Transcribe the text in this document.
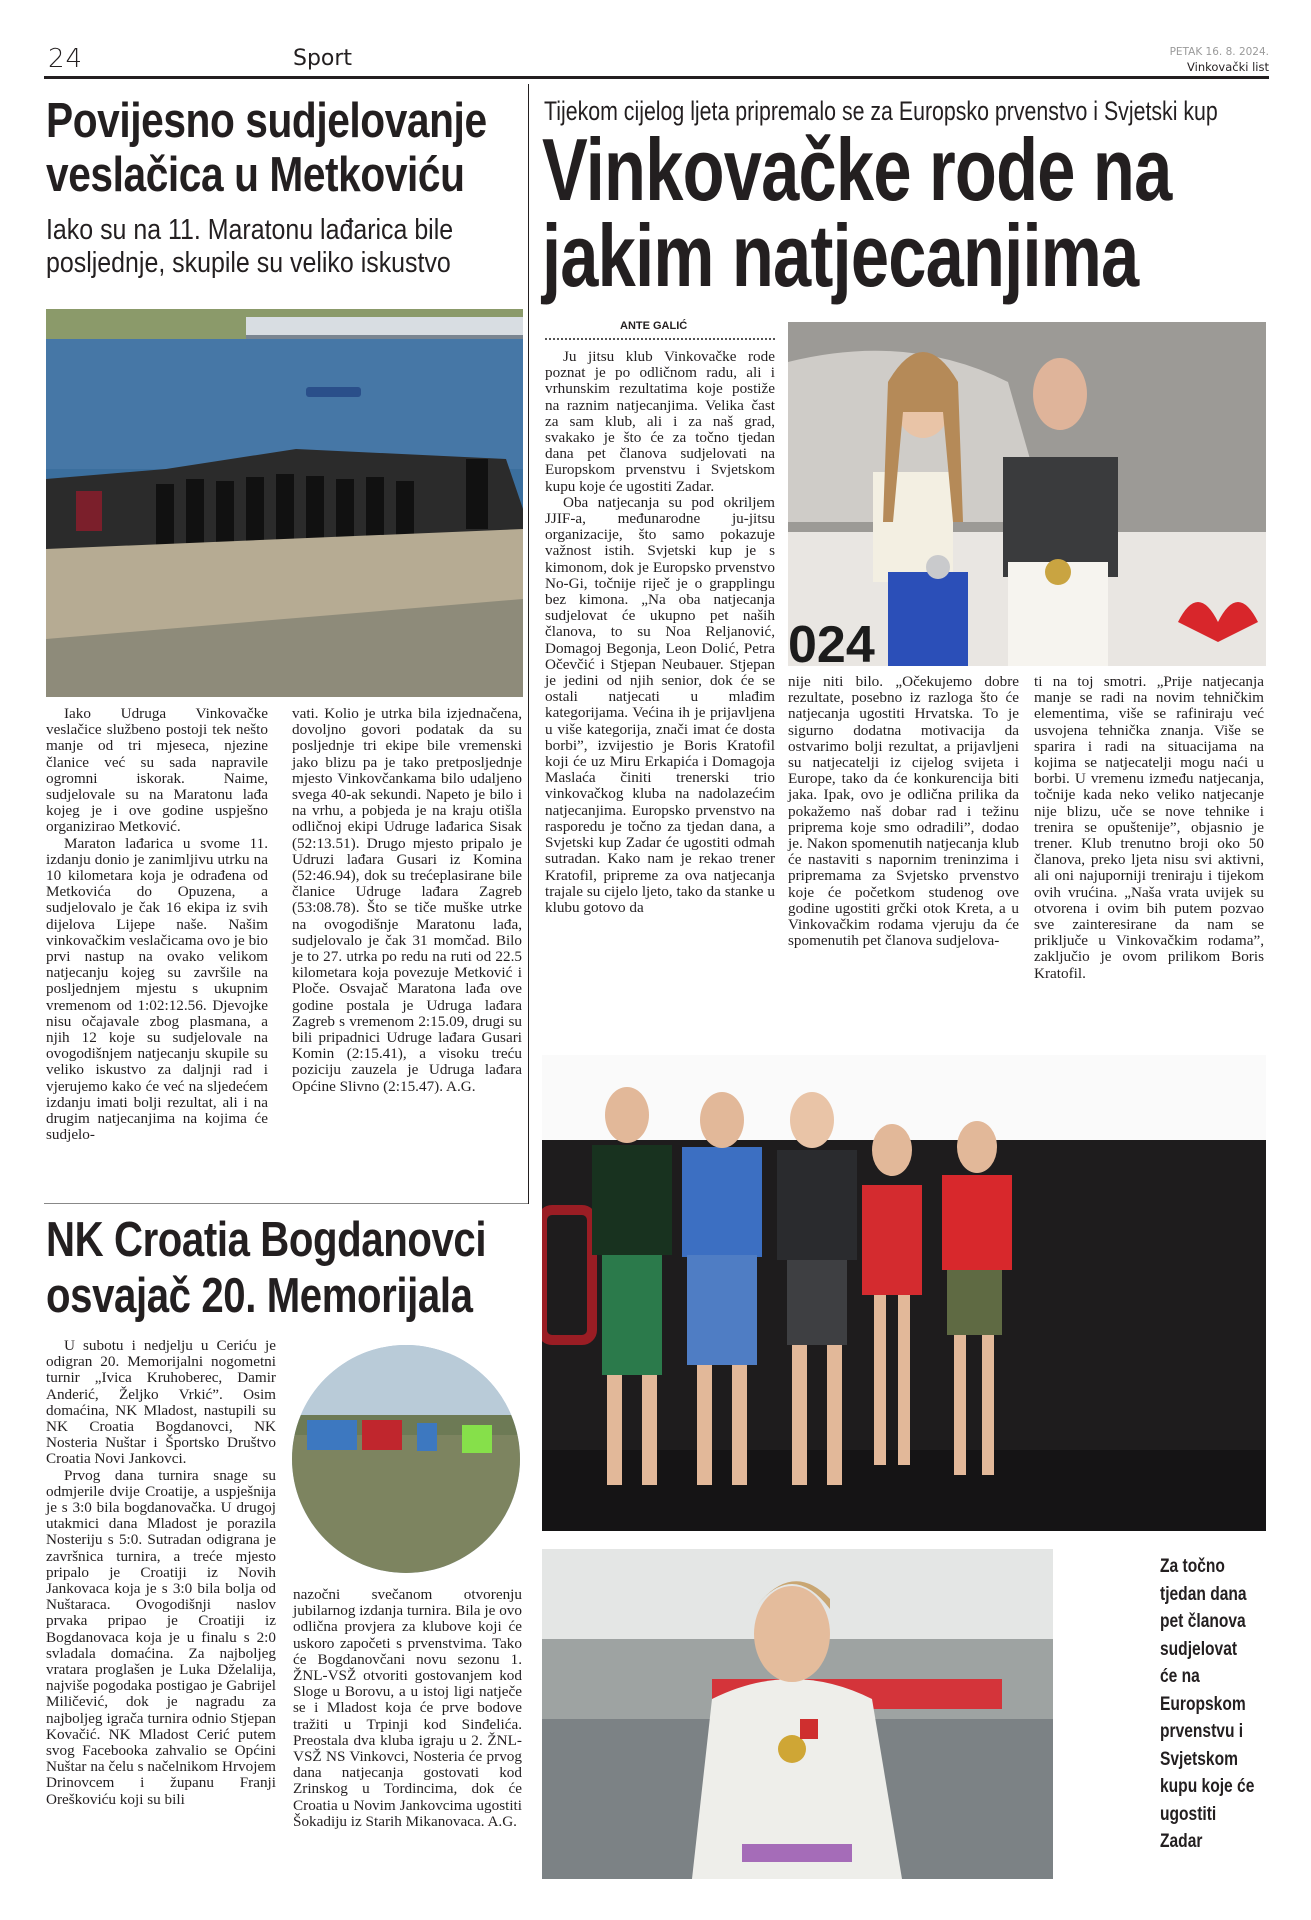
24	Sport	PETAK 16. 8. 2024.
Vinkovački list
Povijesno sudjelovanje
veslačica u Metkoviću
Iako su na 11. Maratonu lađarica bile
posljednje, skupile su veliko iskustvo

Iako Udruga Vinkovačke veslačice službeno postoji tek nešto manje od tri mjeseca, njezine članice već su sada napravile ogromni iskorak. Naime, sudjelovale su na Maratonu lađa kojeg je i ove godine uspješno organizirao Metković.

Maraton lađarica u svome 11. izdanju donio je zanimljivu utrku na 10 kilometara koja je odrađena od Metkovića do Opuzena, a sudjelovalo je čak 16 ekipa iz svih dijelova Lijepe naše. Našim vinkovačkim veslačicama ovo je bio prvi nastup na ovako velikom natjecanju kojeg su završile na posljednjem mjestu s ukupnim vremenom od 1:02:12.56. Djevojke nisu očajavale zbog plasmana, a njih 12 koje su sudjelovale na ovogodišnjem natjecanju skupile su veliko iskustvo za daljnji rad i vjerujemo kako će već na sljedećem izdanju imati bolji rezultat, ali i na drugim natjecanjima na kojima će sudjelo-

vati. Kolio je utrka bila izjednačena, dovoljno govori podatak da su posljednje tri ekipe bile vremenski jako blizu pa je tako pretposljednje mjesto Vinkovčankama bilo udaljeno svega 40-ak sekundi. Napeto je bilo i na vrhu, a pobjeda je na kraju otišla odličnoj ekipi Udruge lađarica Sisak (52:13.51). Drugo mjesto pripalo je Udruzi lađara Gusari iz Komina (52:46.94), dok su trećeplasirane bile članice Udruge lađara Zagreb (53:08.78). Što se tiče muške utrke na ovogodišnje Maratonu lađa, sudjelovalo je čak 31 momčad. Bilo je to 27. utrka po redu na ruti od 22.5 kilometara koja povezuje Metković i Ploče. Osvajač Maratona lađa ove godine postala je Udruga lađara Zagreb s vremenom 2:15.09, drugi su bili pripadnici Udruge lađara Gusari Komin (2:15.41), a visoku treću poziciju zauzela je Udruga lađara Općine Slivno (2:15.47). A.G.

NK Croatia Bogdanovci
osvajač 20. Memorijala

U subotu i nedjelju u Ceriću je odigran 20. Memorijalni nogometni turnir „Ivica Kruhoberec, Damir Anderić, Željko Vrkić”. Osim domaćina, NK Mladost, nastupili su NK Croatia Bogdanovci, NK Nosteria Nuštar i Športsko Društvo Croatia Novi Jankovci.

Prvog dana turnira snage su odmjerile dvije Croatije, a uspješnija je s 3:0 bila bogdanovačka. U drugoj utakmici dana Mladost je porazila Nosteriju s 5:0. Sutradan odigrana je završnica turnira, a treće mjesto pripalo je Croatiji iz Novih Jankovaca koja je s 3:0 bila bolja od Nuštaraca. Ovogodišnji naslov prvaka pripao je Croatiji iz Bogdanovaca koja je u finalu s 2:0 svladala domaćina. Za najboljeg vratara proglašen je Luka Dželalija, najviše pogodaka postigao je Gabrijel Miličević, dok je nagradu za najboljeg igrača turnira odnio Stjepan Kovačić. NK Mladost Cerić putem svog Facebooka zahvalio se Općini Nuštar na čelu s načelnikom Hrvojem Drinovcem i županu Franji Oreškoviću koji su bili

nazočni svečanom otvorenju jubilarnog izdanja turnira. Bila je ovo odlična provjera za klubove koji će uskoro započeti s prvenstvima. Tako će Bogdanovčani novu sezonu 1. ŽNL-VSŽ otvoriti gostovanjem kod Sloge u Borovu, a u istoj ligi natječe se i Mladost koja će prve bodove tražiti u Trpinji kod Sinđelića. Preostala dva kluba igraju u 2. ŽNL-VSŽ NS Vinkovci, Nosteria će prvog dana natjecanja gostovati kod Zrinskog u Tordincima, dok će Croatia u Novim Jankovcima ugostiti Šokadiju iz Starih Mikanovaca. A.G.

Tijekom cijelog ljeta pripremalo se za Europsko prvenstvo i Svjetski kup
Vinkovačke rode na
jakim natjecanjima
ANTE GALIĆ
024

Ju jitsu klub Vinkovačke rode poznat je po odličnom radu, ali i vrhunskim rezultatima koje postiže na raznim natjecanjima. Velika čast za sam klub, ali i za naš grad, svakako je što će za točno tjedan dana pet članova sudjelovati na Europskom prvenstvu i Svjetskom kupu koje će ugostiti Zadar.

Oba natjecanja su pod okriljem JJIF-a, međunarodne ju-jitsu organizacije, što samo pokazuje važnost istih. Svjetski kup je s kimonom, dok je Europsko prvenstvo No-Gi, točnije riječ je o grapplingu bez kimona. „Na oba natjecanja sudjelovat će ukupno pet naših članova, to su Noa Reljanović, Domagoj Begonja, Leon Dolić, Petra Očevčić i Stjepan Neubauer. Stjepan je jedini od njih senior, dok će se ostali natjecati u mlađim kategorijama. Većina ih je prijavljena u više kategorija, znači imat će dosta borbi”, izvijestio je Boris Kratofil koji će uz Miru Erkapića i Domagoja Maslaća činiti trenerski trio vinkovačkog kluba na nadolazećim natjecanjima. Europsko prvenstvo na rasporedu je točno za tjedan dana, a Svjetski kup Zadar će ugostiti odmah sutradan. Kako nam je rekao trener Kratofil, pripreme za ova natjecanja trajale su cijelo ljeto, tako da stanke u klubu gotovo da

nije niti bilo. „Očekujemo dobre rezultate, posebno iz razloga što će natjecanja ugostiti Hrvatska. To je sigurno dodatna motivacija da ostvarimo bolji rezultat, a prijavljeni su natjecatelji iz cijelog svijeta i Europe, tako da će konkurencija biti jaka. Ipak, ovo je odlična prilika da pokažemo naš dobar rad i težinu priprema koje smo odradili”, dodao je. Nakon spomenutih natjecanja klub će nastaviti s napornim treninzima i pripremama za Svjetsko prvenstvo koje će početkom studenog ove godine ugostiti grčki otok Kreta, a u Vinkovačkim rodama vjeruju da će spomenutih pet članova sudjelova-

ti na toj smotri. „Prije natjecanja manje se radi na novim tehničkim elementima, više se rafiniraju već usvojena tehnička znanja. Više se sparira i radi na situacijama na kojima se natjecatelji mogu naći u borbi. U vremenu između natjecanja, točnije kada neko veliko natjecanje nije blizu, uče se nove tehnike i trenira se opuštenije”, objasnio je trener. Klub trenutno broji oko 50 članova, preko ljeta nisu svi aktivni, ali oni najuporniji treniraju i tijekom ovih vrućina. „Naša vrata uvijek su otvorena i ovim bih putem pozvao sve zainteresirane da nam se priključe u Vinkovačkim rodama”, zaključio je ovom prilikom Boris Kratofil.

Za točno tjedan dana pet članova sudjelovat će na Europskom prvenstvu i Svjetskom kupu koje će ugostiti Zadar
